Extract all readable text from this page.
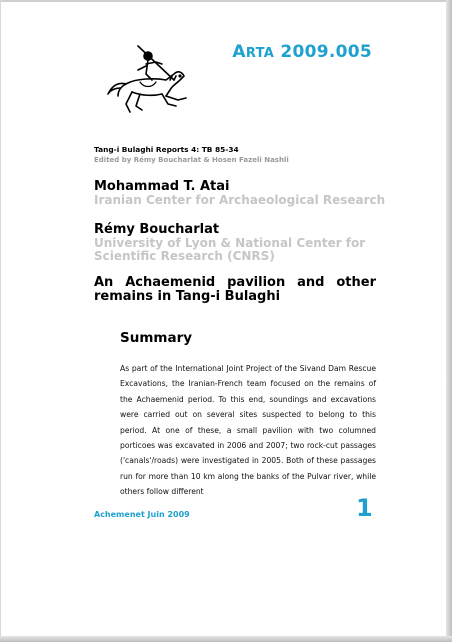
ARTA 2009.005
Tang-i Bulaghi Reports 4: TB 85-34
Edited by Rémy Boucharlat & Hosen Fazeli Nashli
Mohammad T. Atai
Iranian Center for Archaeological Research
Rémy Boucharlat
University of Lyon & National Center for Scientific Research (CNRS)
An Achaemenid pavilion and other remains in Tang-i Bulaghi
Summary
As part of the International Joint Project of the Sivand Dam Rescue Excavations, the Iranian-French team focused on the remains of the Achaemenid period. To this end, soundings and excavations were carried out on several sites suspected to belong to this period. At one of these, a small pavilion with two columned porticoes was excavated in 2006 and 2007; two rock-cut passages ('canals'/roads) were investigated in 2005. Both of these passages run for more than 10 km along the banks of the Pulvar river, while others follow different
Achemenet Juin 2009	1
